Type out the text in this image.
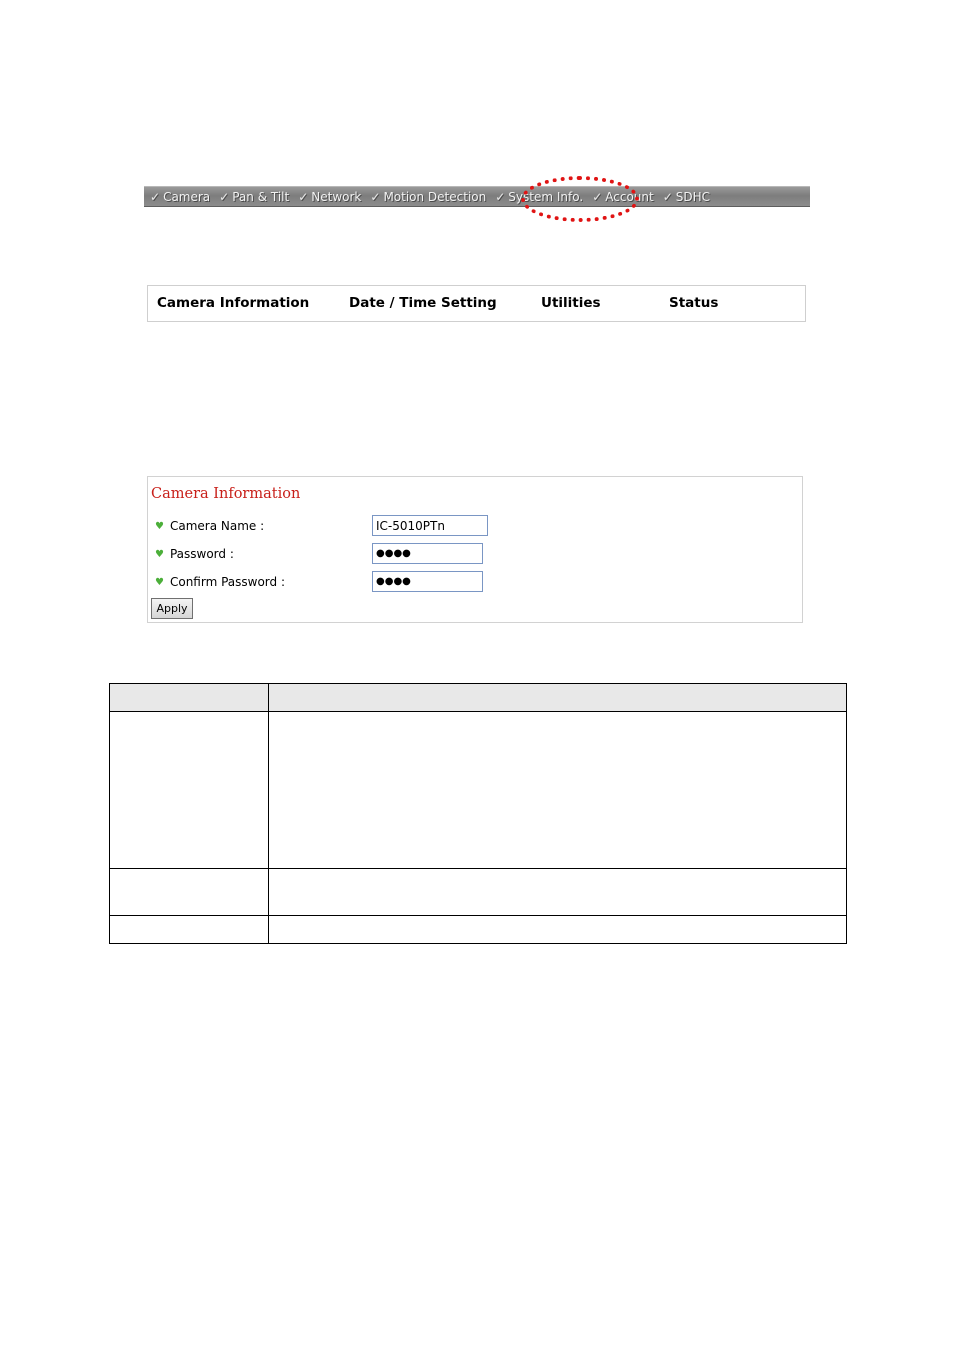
✓ Camera ✓ Pan & Tilt ✓ Network ✓ Motion Detection ✓ System Info. ✓ Account ✓ SDHC
Camera Information	Date / Time Setting	Utilities	Status
Camera Information
♥ Camera Name :	IC-5010PTn
♥ Password :	●●●●
♥ Confirm Password :	●●●●
Apply
